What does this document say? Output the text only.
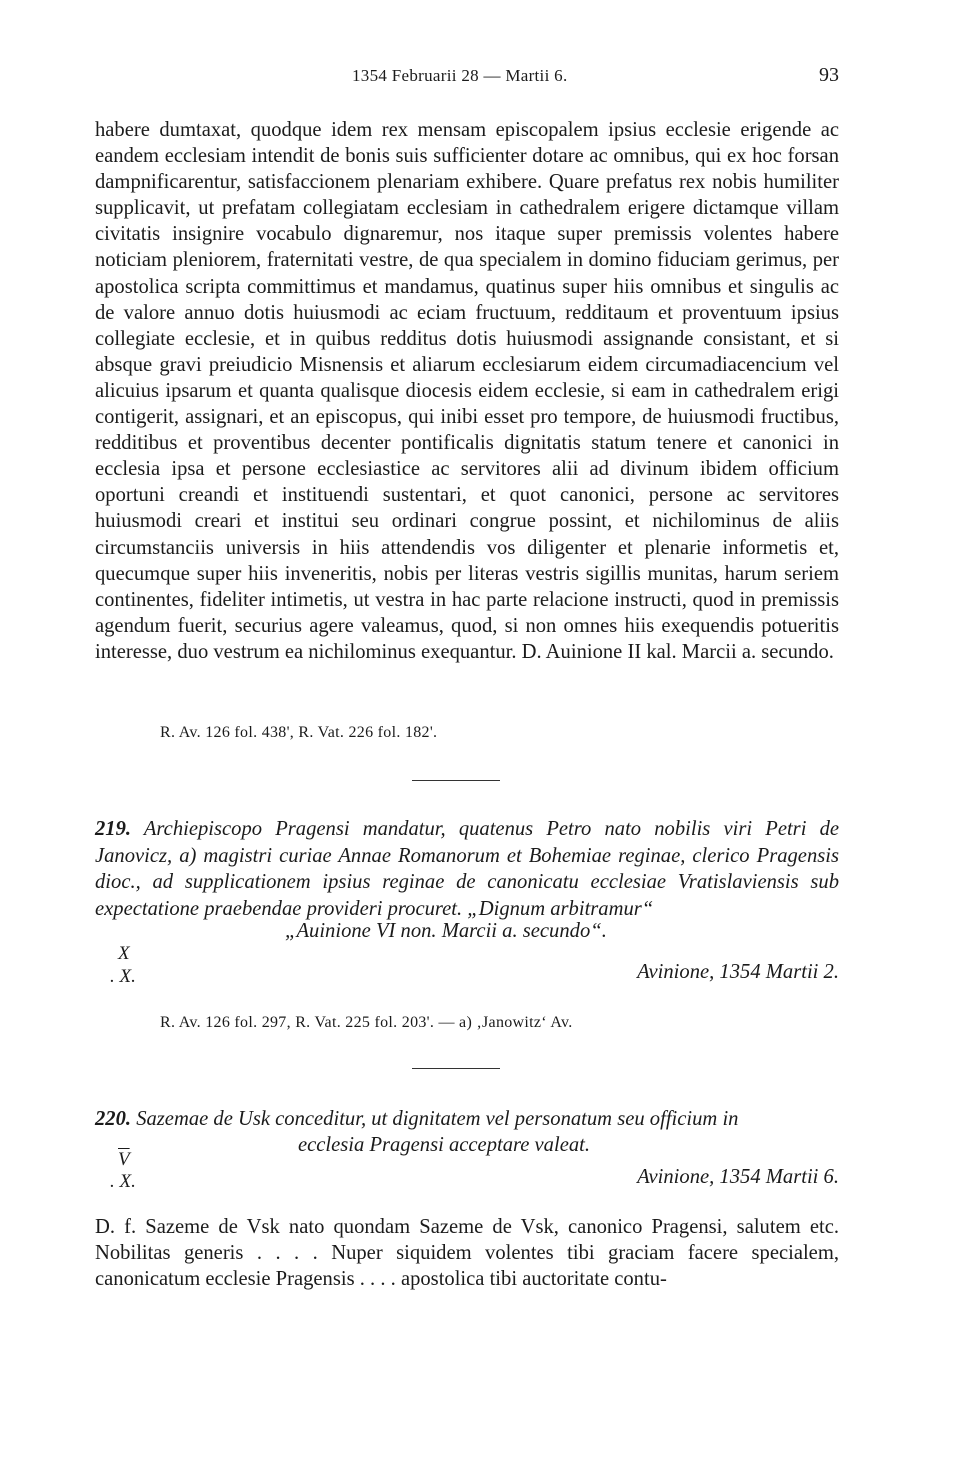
1354 Februarii 28 — Martii 6.	93

habere dumtaxat, quodque idem rex mensam episcopalem ipsius ecclesie erigende ac eandem ecclesiam intendit de bonis suis sufficienter dotare ac omnibus, qui ex hoc forsan dampnificarentur, satisfaccionem plenariam exhibere. Quare prefatus rex nobis humiliter supplicavit, ut prefatam collegiatam ecclesiam in cathedralem erigere dictamque villam civitatis insignire vocabulo dignaremur, nos itaque super premissis volentes habere noticiam pleniorem, fraternitati vestre, de qua specialem in domino fiduciam gerimus, per apostolica scripta committimus et mandamus, quatinus super hiis omnibus et singulis ac de valore annuo dotis huiusmodi ac eciam fructuum, redditaum et proventuum ipsius collegiate ecclesie, et in quibus redditus dotis huiusmodi assignande consistant, et si absque gravi preiudicio Misnensis et aliarum ecclesiarum eidem circumadiacencium vel alicuius ipsarum et quanta qualisque diocesis eidem ecclesie, si eam in cathedralem erigi contigerit, assignari, et an episcopus, qui inibi esset pro tempore, de huiusmodi fructibus, redditibus et proventibus decenter pontificalis dignitatis statum tenere et canonici in ecclesia ipsa et persone ecclesiastice ac servitores alii ad divinum ibidem officium oportuni creandi et instituendi sustentari, et quot canonici, persone ac servitores huiusmodi creari et institui seu ordinari congrue possint, et nichilominus de aliis circumstanciis universis in hiis attendendis vos diligenter et plenarie informetis et, quecumque super hiis inveneritis, nobis per literas vestris sigillis munitas, harum seriem continentes, fideliter intimetis, ut vestra in hac parte relacione instructi, quod in premissis agendum fuerit, securius agere valeamus, quod, si non omnes hiis exequendis potueritis interesse, duo vestrum ea nichilominus exequantur. D. Auinione II kal. Marcii a. secundo.

R. Av. 126 fol. 438', R. Vat. 226 fol. 182'.

219. Archiepiscopo Pragensi mandatur, quatenus Petro nato nobilis viri Petri de Janovicz, a) magistri curiae Annae Romanorum et Bohemiae reginae, clerico Pragensis dioc., ad supplicationem ipsius reginae de canonicatu ecclesiae Vratislaviensis sub expectatione praebendae provideri procuret. „Dignum arbitramur“

„Auinione VI non. Marcii a. secundo“.
X
. X.	Avinione, 1354 Martii 2.

R. Av. 126 fol. 297, R. Vat. 225 fol. 203'. — a) ‚Janowitz‘ Av.

220. Sazemae de Usk conceditur, ut dignitatem vel personatum seu officium in

ecclesia Pragensi acceptare valeat.
$\overline{V}$
. X.	Avinione, 1354 Martii 6.

D. f. Sazeme de Vsk nato quondam Sazeme de Vsk, canonico Pragensi, salutem etc. Nobilitas generis . . . . Nuper siquidem volentes tibi graciam facere specialem, canonicatum ecclesie Pragensis . . . . apostolica tibi auctoritate contu-
